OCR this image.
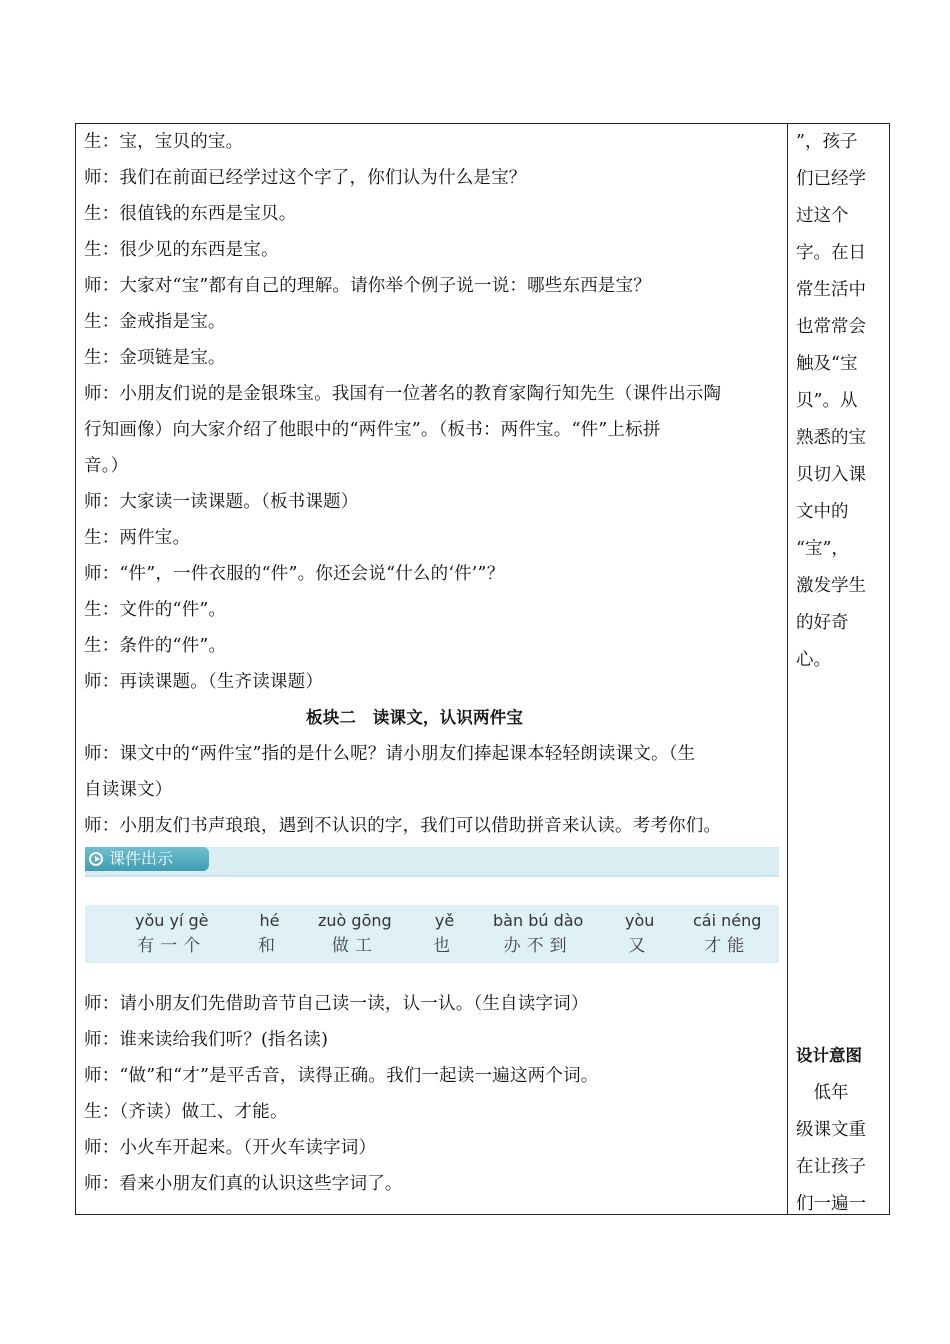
生：宝，宝贝的宝。
师：我们在前面已经学过这个字了，你们认为什么是宝？
生：很值钱的东西是宝贝。
生：很少见的东西是宝。
师：大家对“宝”都有自己的理解。请你举个例子说一说：哪些东西是宝？
生：金戒指是宝。
生：金项链是宝。
师：小朋友们说的是金银珠宝。我国有一位著名的教育家陶行知先生（课件出示陶
行知画像）向大家介绍了他眼中的“两件宝”。（板书：两件宝。“件”上标拼
音。）
师：大家读一读课题。（板书课题）
生：两件宝。
师：“件”，一件衣服的“件”。你还会说“什么的‘件’”？
生：文件的“件”。
生：条件的“件”。
师：再读课题。（生齐读课题）
板块二　读课文，认识两件宝
师：课文中的“两件宝”指的是什么呢？请小朋友们捧起课本轻轻朗读课文。（生
自读课文）
师：小朋友们书声琅琅，遇到不认识的字，我们可以借助拼音来认读。考考你们。
课件出示
yǒu yí gè
有一个
hé
和
zuò gōng
做工
yě
也
bàn bú dào
办不到
yòu
又
cái néng
才能
师：请小朋友们先借助音节自己读一读，认一认。（生自读字词）
师：谁来读给我们听？(指名读)
师：“做”和“才”是平舌音，读得正确。我们一起读一遍这两个词。
生：（齐读）做工、才能。
师：小火车开起来。（开火车读字词）
师：看来小朋友们真的认识这些字词了。
”，孩子
们已经学
过这个
字。在日
常生活中
也常常会
触及“宝
贝”。从
熟悉的宝
贝切入课
文中的
“宝”，
激发学生
的好奇
心。
设计意图
　低年
级课文重
在让孩子
们一遍一
